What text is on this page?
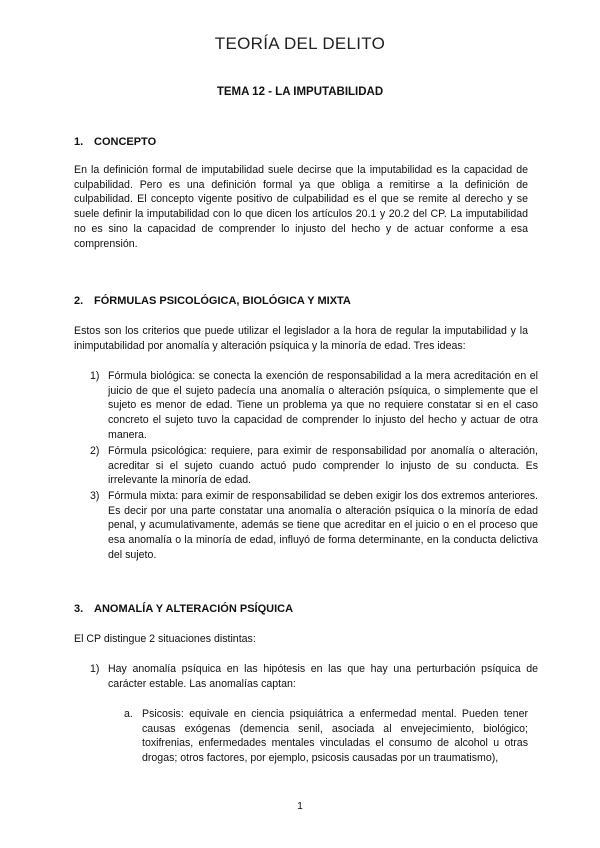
TEORÍA DEL DELITO
TEMA 12 - LA IMPUTABILIDAD
1. CONCEPTO
En la definición formal de imputabilidad suele decirse que la imputabilidad es la capacidad de culpabilidad. Pero es una definición formal ya que obliga a remitirse a la definición de culpabilidad. El concepto vigente positivo de culpabilidad es el que se remite al derecho y se suele definir la imputabilidad con lo que dicen los artículos 20.1 y 20.2 del CP. La imputabilidad no es sino la capacidad de comprender lo injusto del hecho y de actuar conforme a esa comprensión.
2. FÓRMULAS PSICOLÓGICA, BIOLÓGICA Y MIXTA
Estos son los criterios que puede utilizar el legislador a la hora de regular la imputabilidad y la inimputabilidad por anomalía y alteración psíquica y la minoría de edad. Tres ideas:
1) Fórmula biológica: se conecta la exención de responsabilidad a la mera acreditación en el juicio de que el sujeto padecía una anomalía o alteración psíquica, o simplemente que el sujeto es menor de edad. Tiene un problema ya que no requiere constatar si en el caso concreto el sujeto tuvo la capacidad de comprender lo injusto del hecho y actuar de otra manera.
2) Fórmula psicológica: requiere, para eximir de responsabilidad por anomalía o alteración, acreditar si el sujeto cuando actuó pudo comprender lo injusto de su conducta. Es irrelevante la minoría de edad.
3) Fórmula mixta: para eximir de responsabilidad se deben exigir los dos extremos anteriores. Es decir por una parte constatar una anomalía o alteración psíquica o la minoría de edad penal, y acumulativamente, además se tiene que acreditar en el juicio o en el proceso que esa anomalía o la minoría de edad, influyó de forma determinante, en la conducta delictiva del sujeto.
3. ANOMALÍA Y ALTERACIÓN PSÍQUICA
El CP distingue 2 situaciones distintas:
1) Hay anomalía psíquica en las hipótesis en las que hay una perturbación psíquica de carácter estable. Las anomalías captan:
a. Psicosis: equivale en ciencia psiquiátrica a enfermedad mental. Pueden tener causas exógenas (demencia senil, asociada al envejecimiento, biológico; toxifrenias, enfermedades mentales vinculadas el consumo de alcohol u otras drogas; otros factores, por ejemplo, psicosis causadas por un traumatismo),
1
